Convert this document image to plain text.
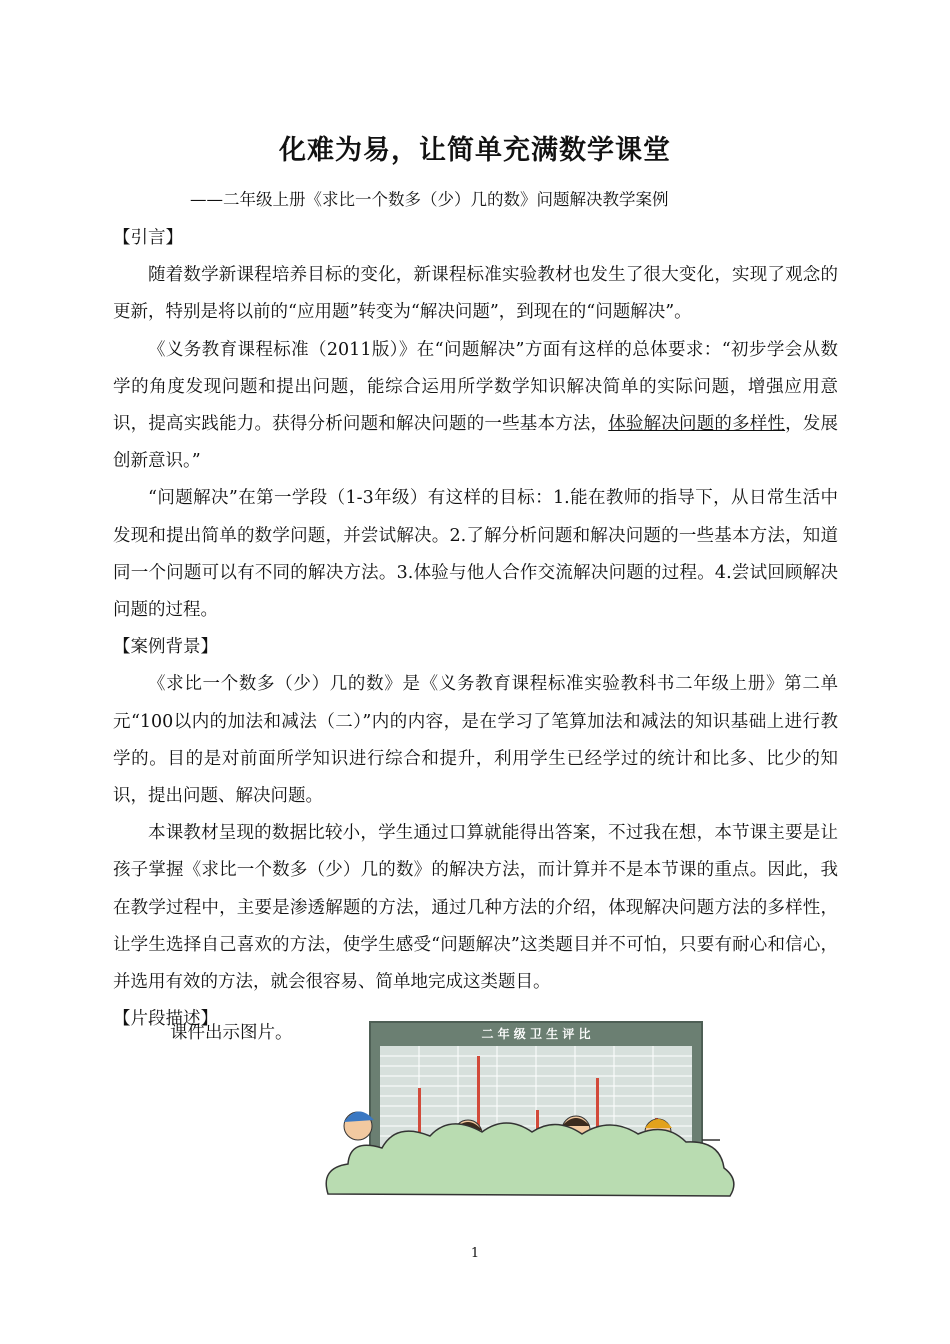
化难为易，让简单充满数学课堂
——二年级上册《求比一个数多（少）几的数》问题解决教学案例

【引言】

随着数学新课程培养目标的变化，新课程标准实验教材也发生了很大变化，实现了观念的更新，特别是将以前的“应用题”转变为“解决问题”，到现在的“问题解决”。

《义务教育课程标准（2011版）》在“问题解决”方面有这样的总体要求：“初步学会从数学的角度发现问题和提出问题，能综合运用所学数学知识解决简单的实际问题，增强应用意识，提高实践能力。获得分析问题和解决问题的一些基本方法，体验解决问题的多样性，发展创新意识。”

“问题解决”在第一学段（1-3年级）有这样的目标：1.能在教师的指导下，从日常生活中发现和提出简单的数学问题，并尝试解决。2.了解分析问题和解决问题的一些基本方法，知道同一个问题可以有不同的解决方法。3.体验与他人合作交流解决问题的过程。4.尝试回顾解决问题的过程。

【案例背景】

《求比一个数多（少）几的数》是《义务教育课程标准实验教科书二年级上册》第二单元“100以内的加法和减法（二）”内的内容，是在学习了笔算加法和减法的知识基础上进行教学的。目的是对前面所学知识进行综合和提升，利用学生已经学过的统计和比多、比少的知识，提出问题、解决问题。

本课教材呈现的数据比较小，学生通过口算就能得出答案，不过我在想，本节课主要是让孩子掌握《求比一个数多（少）几的数》的解决方法，而计算并不是本节课的重点。因此，我在教学过程中，主要是渗透解题的方法，通过几种方法的介绍，体现解决问题方法的多样性，让学生选择自己喜欢的方法，使学生感受“问题解决”这类题目并不可怕，只要有耐心和信心，并选用有效的方法，就会很容易、简单地完成这类题目。

【片段描述】

课件出示图片。	二 年 级 卫 生 评 比
1
